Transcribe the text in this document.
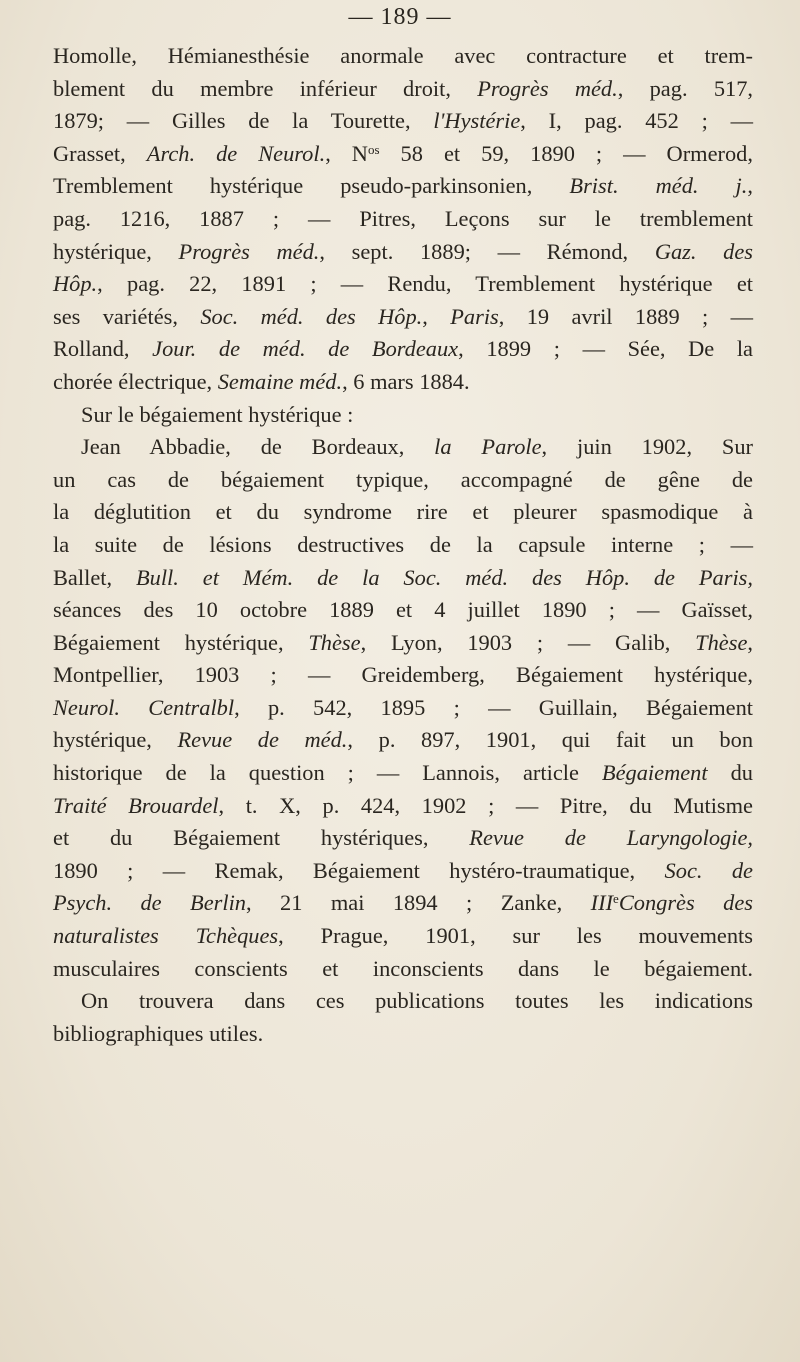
— 189 —
Homolle, Hémianesthésie anormale avec contracture et trem-
blement du membre inférieur droit, Progrès méd., pag. 517,
1879; — Gilles de la Tourette, l'Hystérie, I, pag. 452 ; —
Grasset, Arch. de Neurol., $N^{os}$ 58 et 59, 1890 ; — Ormerod,
Tremblement hystérique pseudo-parkinsonien, Brist. méd. j.,
pag. 1216, 1887 ; — Pitres, Leçons sur le tremblement
hystérique, Progrès méd., sept. 1889; — Rémond, Gaz. des
Hôp., pag. 22, 1891 ; — Rendu, Tremblement hystérique et
ses variétés, Soc. méd. des Hôp., Paris, 19 avril 1889 ; —
Rolland, Jour. de méd. de Bordeaux, 1899 ; — Sée, De la
chorée électrique, Semaine méd., 6 mars 1884.
Sur le bégaiement hystérique :
Jean Abbadie, de Bordeaux, la Parole, juin 1902, Sur
un cas de bégaiement typique, accompagné de gêne de
la déglutition et du syndrome rire et pleurer spasmodique à
la suite de lésions destructives de la capsule interne ; —
Ballet, Bull. et Mém. de la Soc. méd. des Hôp. de Paris,
séances des 10 octobre 1889 et 4 juillet 1890 ; — Gaïsset,
Bégaiement hystérique, Thèse, Lyon, 1903 ; — Galib, Thèse,
Montpellier, 1903 ; — Greidemberg, Bégaiement hystérique,
Neurol. Centralbl, p. 542, 1895 ; — Guillain, Bégaiement
hystérique, Revue de méd., p. 897, 1901, qui fait un bon
historique de la question ; — Lannois, article Bégaiement du
Traité Brouardel, t. X, p. 424, 1902 ; — Pitre, du Mutisme
et du Bégaiement hystériques, Revue de Laryngologie,
1890 ; — Remak, Bégaiement hystéro-traumatique, Soc. de
Psych. de Berlin, 21 mai 1894 ; Zanke, IIIeCongrès des
naturalistes Tchèques, Prague, 1901, sur les mouvements
musculaires conscients et inconscients dans le bégaiement.
On trouvera dans ces publications toutes les indications
bibliographiques utiles.
